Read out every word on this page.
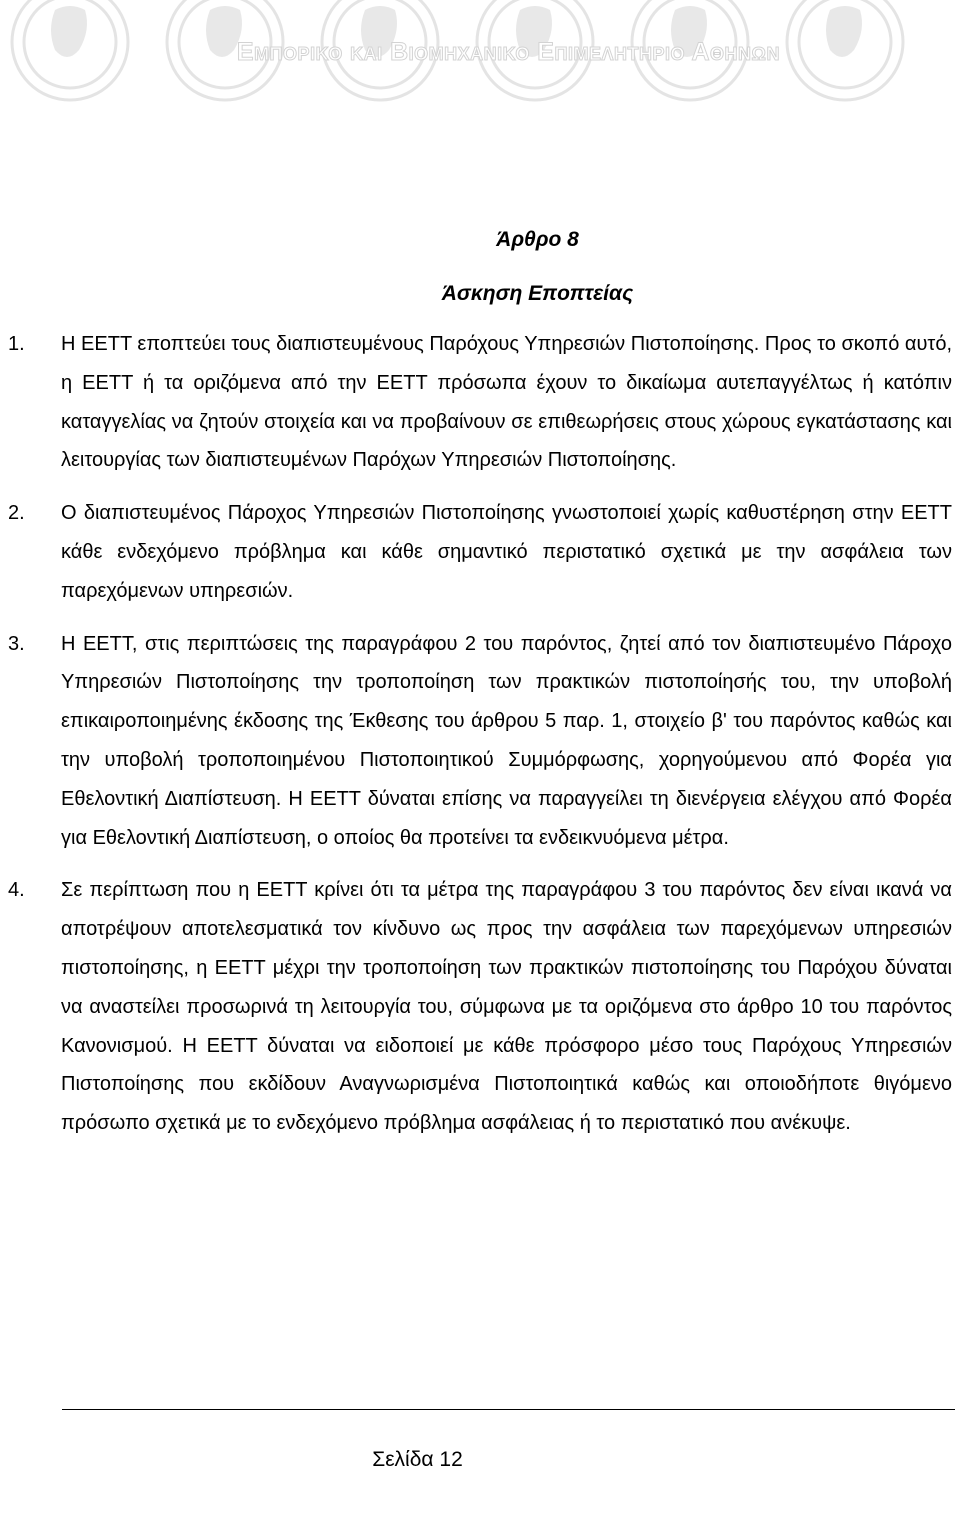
Εμπορικο και Βιομηχανικο Επιμελητηριο Αθηνων
Άρθρο 8
Άσκηση Εποπτείας

1. Η ΕΕΤΤ εποπτεύει τους διαπιστευμένους Παρόχους Υπηρεσιών Πιστοποίησης. Προς το σκοπό αυτό, η ΕΕΤΤ ή τα οριζόμενα από την ΕΕΤΤ πρόσωπα έχουν το δικαίωμα αυτεπαγγέλτως ή κατόπιν καταγγελίας να ζητούν στοιχεία και να προβαίνουν σε επιθεωρήσεις στους χώρους εγκατάστασης και λειτουργίας των διαπιστευμένων Παρόχων Υπηρεσιών Πιστοποίησης.

2. Ο διαπιστευμένος Πάροχος Υπηρεσιών Πιστοποίησης γνωστοποιεί χωρίς καθυστέρηση στην ΕΕΤΤ κάθε ενδεχόμενο πρόβλημα και κάθε σημαντικό περιστατικό σχετικά με την ασφάλεια των παρεχόμενων υπηρεσιών.

3. Η ΕΕΤΤ, στις περιπτώσεις της παραγράφου 2 του παρόντος, ζητεί από τον διαπιστευμένο Πάροχο Υπηρεσιών Πιστοποίησης την τροποποίηση των πρακτικών πιστοποίησής του, την υποβολή επικαιροποιημένης έκδοσης της Έκθεσης του άρθρου 5 παρ. 1, στοιχείο β' του παρόντος καθώς και την υποβολή τροποποιημένου Πιστοποιητικού Συμμόρφωσης, χορηγούμενου από Φορέα για Εθελοντική Διαπίστευση. Η ΕΕΤΤ δύναται επίσης να παραγγείλει τη διενέργεια ελέγχου από Φορέα για Εθελοντική Διαπίστευση, ο οποίος θα προτείνει τα ενδεικνυόμενα μέτρα.

4. Σε περίπτωση που η ΕΕΤΤ κρίνει ότι τα μέτρα της παραγράφου 3 του παρόντος δεν είναι ικανά να αποτρέψουν αποτελεσματικά τον κίνδυνο ως προς την ασφάλεια των παρεχόμενων υπηρεσιών πιστοποίησης, η ΕΕΤΤ μέχρι την τροποποίηση των πρακτικών πιστοποίησης του Παρόχου δύναται να αναστείλει προσωρινά τη λειτουργία του, σύμφωνα με τα οριζόμενα στο άρθρο 10 του παρόντος Κανονισμού. Η ΕΕΤΤ δύναται να ειδοποιεί με κάθε πρόσφορο μέσο τους Παρόχους Υπηρεσιών Πιστοποίησης που εκδίδουν Αναγνωρισμένα Πιστοποιητικά καθώς και οποιοδήποτε θιγόμενο πρόσωπο σχετικά με το ενδεχόμενο πρόβλημα ασφάλειας ή το περιστατικό που ανέκυψε.

Σελίδα 12
